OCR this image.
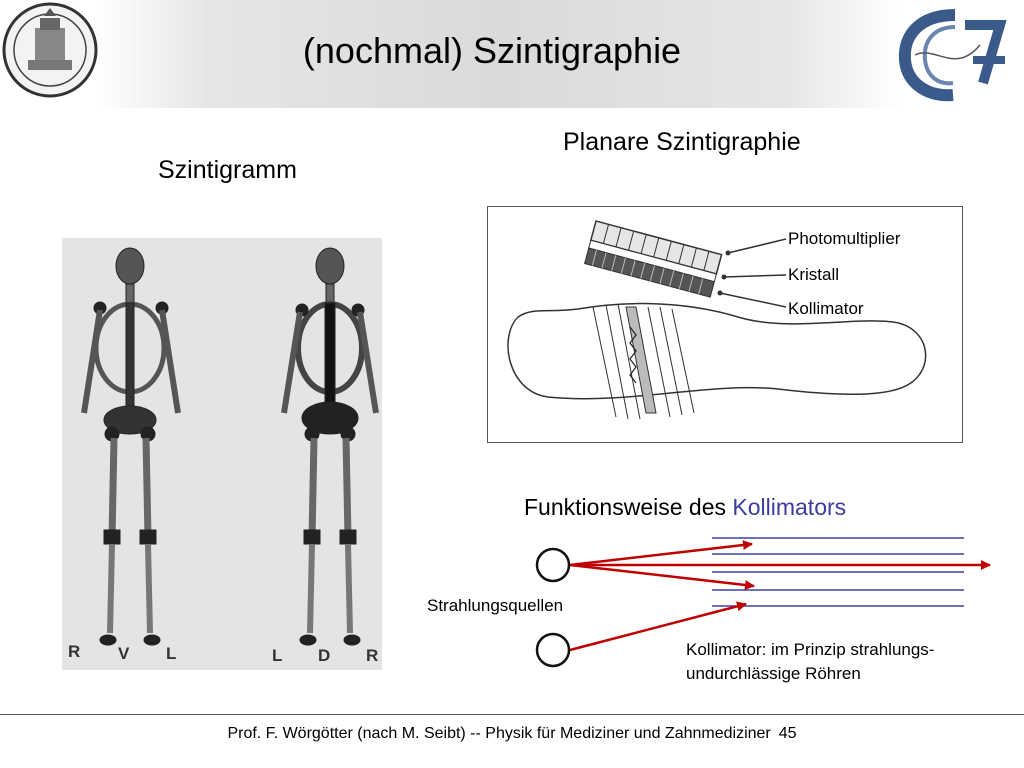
(nochmal) Szintigraphie
Szintigramm
R V L	L D R
Planare Szintigraphie
Photomultiplier
Kristall
Kollimator
Funktionsweise des Kollimators
Strahlungsquellen
Kollimator: im Prinzip strahlungs-
undurchlässige Röhren
Prof. F. Wörgötter (nach M. Seibt) -- Physik für Mediziner und Zahnmediziner 45
